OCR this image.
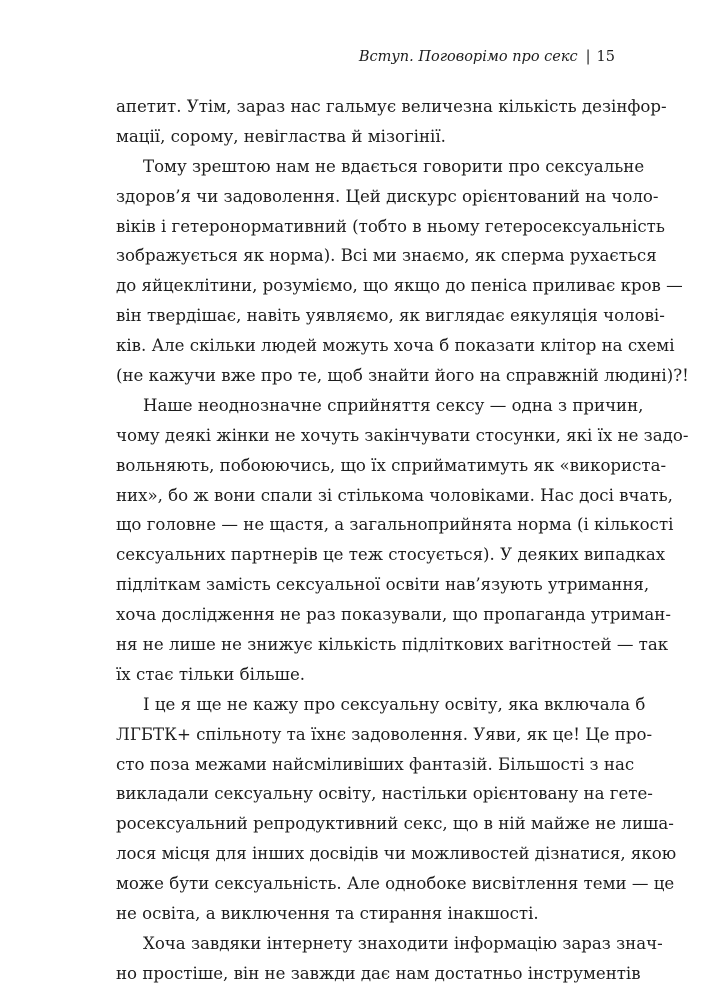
Вступ. Поговорімо про секс | 15
апетит. Утім, зараз нас гальмує величезна кількість дезінфор-
мації, сорому, невігластва й мізогінії.
Тому зрештою нам не вдається говорити про сексуальне
здоров’я чи задоволення. Цей дискурс орієнтований на чоло-
віків і гетеронормативний (тобто в ньому гетеросексуальність
зображується як норма). Всі ми знаємо, як сперма рухається
до яйцеклітини, розуміємо, що якщо до пеніса приливає кров —
він твердішає, навіть уявляємо, як виглядає еякуляція чолові-
ків. Але скільки людей можуть хоча б показати клітор на схемі
(не кажучи вже про те, щоб знайти його на справжній людині)?!
Наше неоднозначне сприйняття сексу — одна з причин,
чому деякі жінки не хочуть закінчувати стосунки, які їх не задо-
вольняють, побоюючись, що їх сприйматимуть як «використа-
них», бо ж вони спали зі стількома чоловіками. Нас досі вчать,
що головне — не щастя, а загальноприйнята норма (і кількості
сексуальних партнерів це теж стосується). У деяких випадках
підліткам замість сексуальної освіти нав’язують утримання,
хоча дослідження не раз показували, що пропаганда утриман-
ня не лише не знижує кількість підліткових вагітностей — так
їх стає тільки більше.
І це я ще не кажу про сексуальну освіту, яка включала б
ЛГБТК+ спільноту та їхнє задоволення. Уяви, як це! Це про-
сто поза межами найсміливіших фантазій. Більшості з нас
викладали сексуальну освіту, настільки орієнтовану на гете-
росексуальний репродуктивний секс, що в ній майже не лиша-
лося місця для інших досвідів чи можливостей дізнатися, якою
може бути сексуальність. Але однобоке висвітлення теми — це
не освіта, а виключення та стирання інакшості.
Хоча завдяки інтернету знаходити інформацію зараз знач-
но простіше, він не завжди дає нам достатньо інструментів
